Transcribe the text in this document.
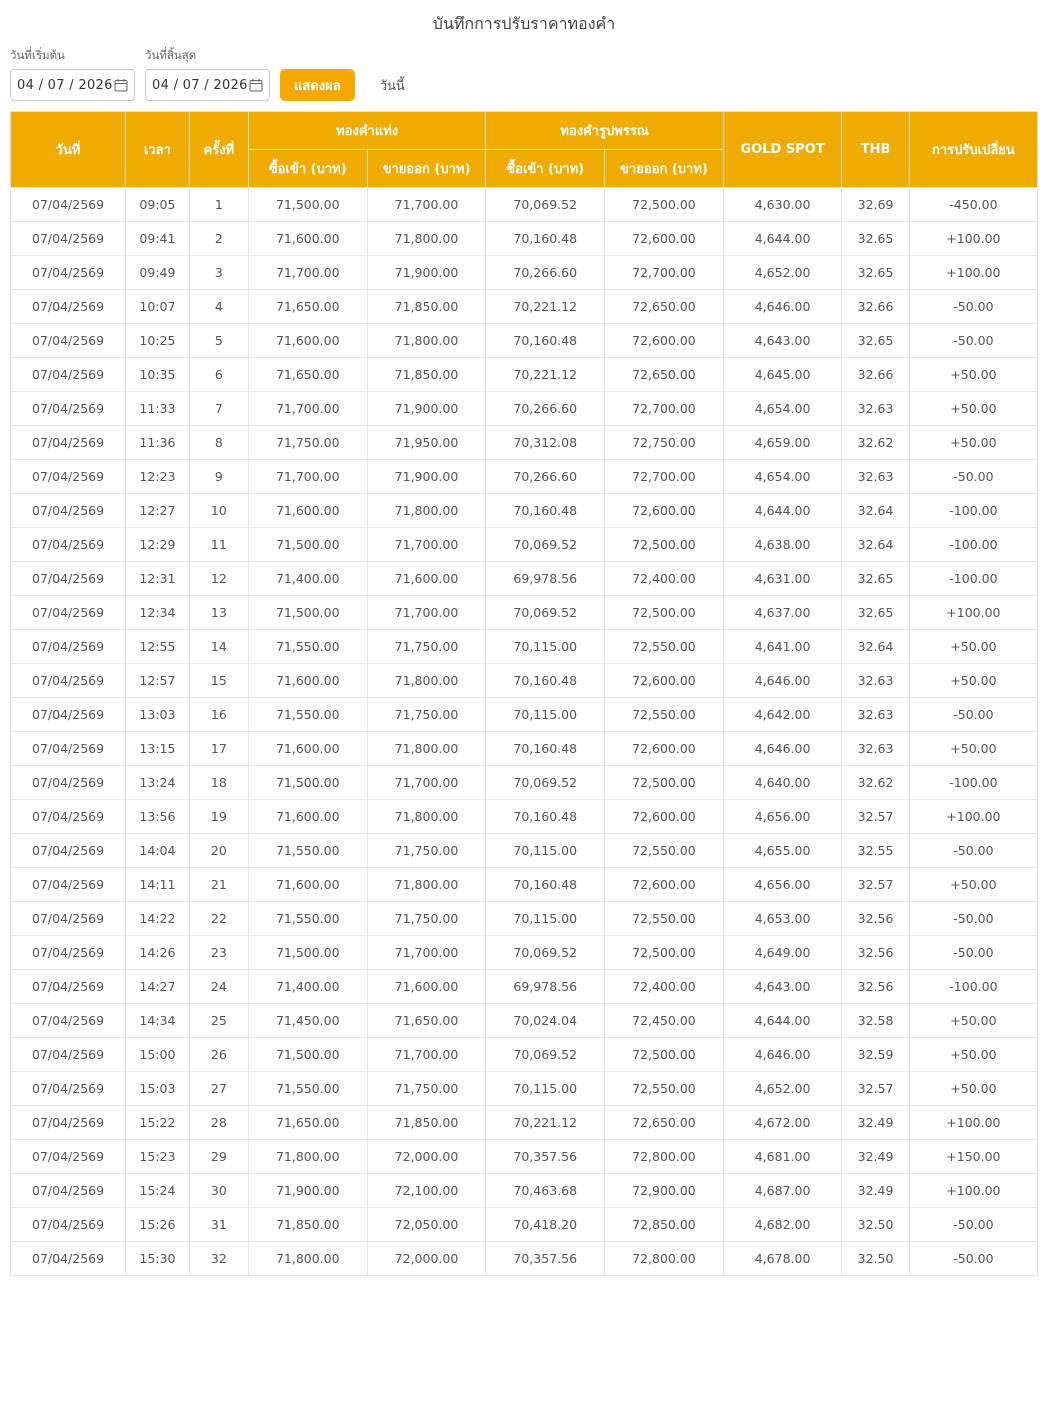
บันทึกการปรับราคาทองคำ
วันที่เริ่มต้น
04 / 07 / 2026
วันที่สิ้นสุด
04 / 07 / 2026	แสดงผล	วันนี้
วันที่	เวลา	ครั้งที่	ทองคำแท่ง		ทองคำรูปพรรณ		GOLD SPOT	THB	การปรับเปลี่ยน
			ซื้อเข้า (บาท)	ขายออก (บาท)	ซื้อเข้า (บาท)	ขายออก (บาท)			
07/04/2569	09:05	1	71,500.00	71,700.00	70,069.52	72,500.00	4,630.00	32.69	-450.00
07/04/2569	09:41	2	71,600.00	71,800.00	70,160.48	72,600.00	4,644.00	32.65	+100.00
07/04/2569	09:49	3	71,700.00	71,900.00	70,266.60	72,700.00	4,652.00	32.65	+100.00
07/04/2569	10:07	4	71,650.00	71,850.00	70,221.12	72,650.00	4,646.00	32.66	-50.00
07/04/2569	10:25	5	71,600.00	71,800.00	70,160.48	72,600.00	4,643.00	32.65	-50.00
07/04/2569	10:35	6	71,650.00	71,850.00	70,221.12	72,650.00	4,645.00	32.66	+50.00
07/04/2569	11:33	7	71,700.00	71,900.00	70,266.60	72,700.00	4,654.00	32.63	+50.00
07/04/2569	11:36	8	71,750.00	71,950.00	70,312.08	72,750.00	4,659.00	32.62	+50.00
07/04/2569	12:23	9	71,700.00	71,900.00	70,266.60	72,700.00	4,654.00	32.63	-50.00
07/04/2569	12:27	10	71,600.00	71,800.00	70,160.48	72,600.00	4,644.00	32.64	-100.00
07/04/2569	12:29	11	71,500.00	71,700.00	70,069.52	72,500.00	4,638.00	32.64	-100.00
07/04/2569	12:31	12	71,400.00	71,600.00	69,978.56	72,400.00	4,631.00	32.65	-100.00
07/04/2569	12:34	13	71,500.00	71,700.00	70,069.52	72,500.00	4,637.00	32.65	+100.00
07/04/2569	12:55	14	71,550.00	71,750.00	70,115.00	72,550.00	4,641.00	32.64	+50.00
07/04/2569	12:57	15	71,600.00	71,800.00	70,160.48	72,600.00	4,646.00	32.63	+50.00
07/04/2569	13:03	16	71,550.00	71,750.00	70,115.00	72,550.00	4,642.00	32.63	-50.00
07/04/2569	13:15	17	71,600.00	71,800.00	70,160.48	72,600.00	4,646.00	32.63	+50.00
07/04/2569	13:24	18	71,500.00	71,700.00	70,069.52	72,500.00	4,640.00	32.62	-100.00
07/04/2569	13:56	19	71,600.00	71,800.00	70,160.48	72,600.00	4,656.00	32.57	+100.00
07/04/2569	14:04	20	71,550.00	71,750.00	70,115.00	72,550.00	4,655.00	32.55	-50.00
07/04/2569	14:11	21	71,600.00	71,800.00	70,160.48	72,600.00	4,656.00	32.57	+50.00
07/04/2569	14:22	22	71,550.00	71,750.00	70,115.00	72,550.00	4,653.00	32.56	-50.00
07/04/2569	14:26	23	71,500.00	71,700.00	70,069.52	72,500.00	4,649.00	32.56	-50.00
07/04/2569	14:27	24	71,400.00	71,600.00	69,978.56	72,400.00	4,643.00	32.56	-100.00
07/04/2569	14:34	25	71,450.00	71,650.00	70,024.04	72,450.00	4,644.00	32.58	+50.00
07/04/2569	15:00	26	71,500.00	71,700.00	70,069.52	72,500.00	4,646.00	32.59	+50.00
07/04/2569	15:03	27	71,550.00	71,750.00	70,115.00	72,550.00	4,652.00	32.57	+50.00
07/04/2569	15:22	28	71,650.00	71,850.00	70,221.12	72,650.00	4,672.00	32.49	+100.00
07/04/2569	15:23	29	71,800.00	72,000.00	70,357.56	72,800.00	4,681.00	32.49	+150.00
07/04/2569	15:24	30	71,900.00	72,100.00	70,463.68	72,900.00	4,687.00	32.49	+100.00
07/04/2569	15:26	31	71,850.00	72,050.00	70,418.20	72,850.00	4,682.00	32.50	-50.00
07/04/2569	15:30	32	71,800.00	72,000.00	70,357.56	72,800.00	4,678.00	32.50	-50.00
